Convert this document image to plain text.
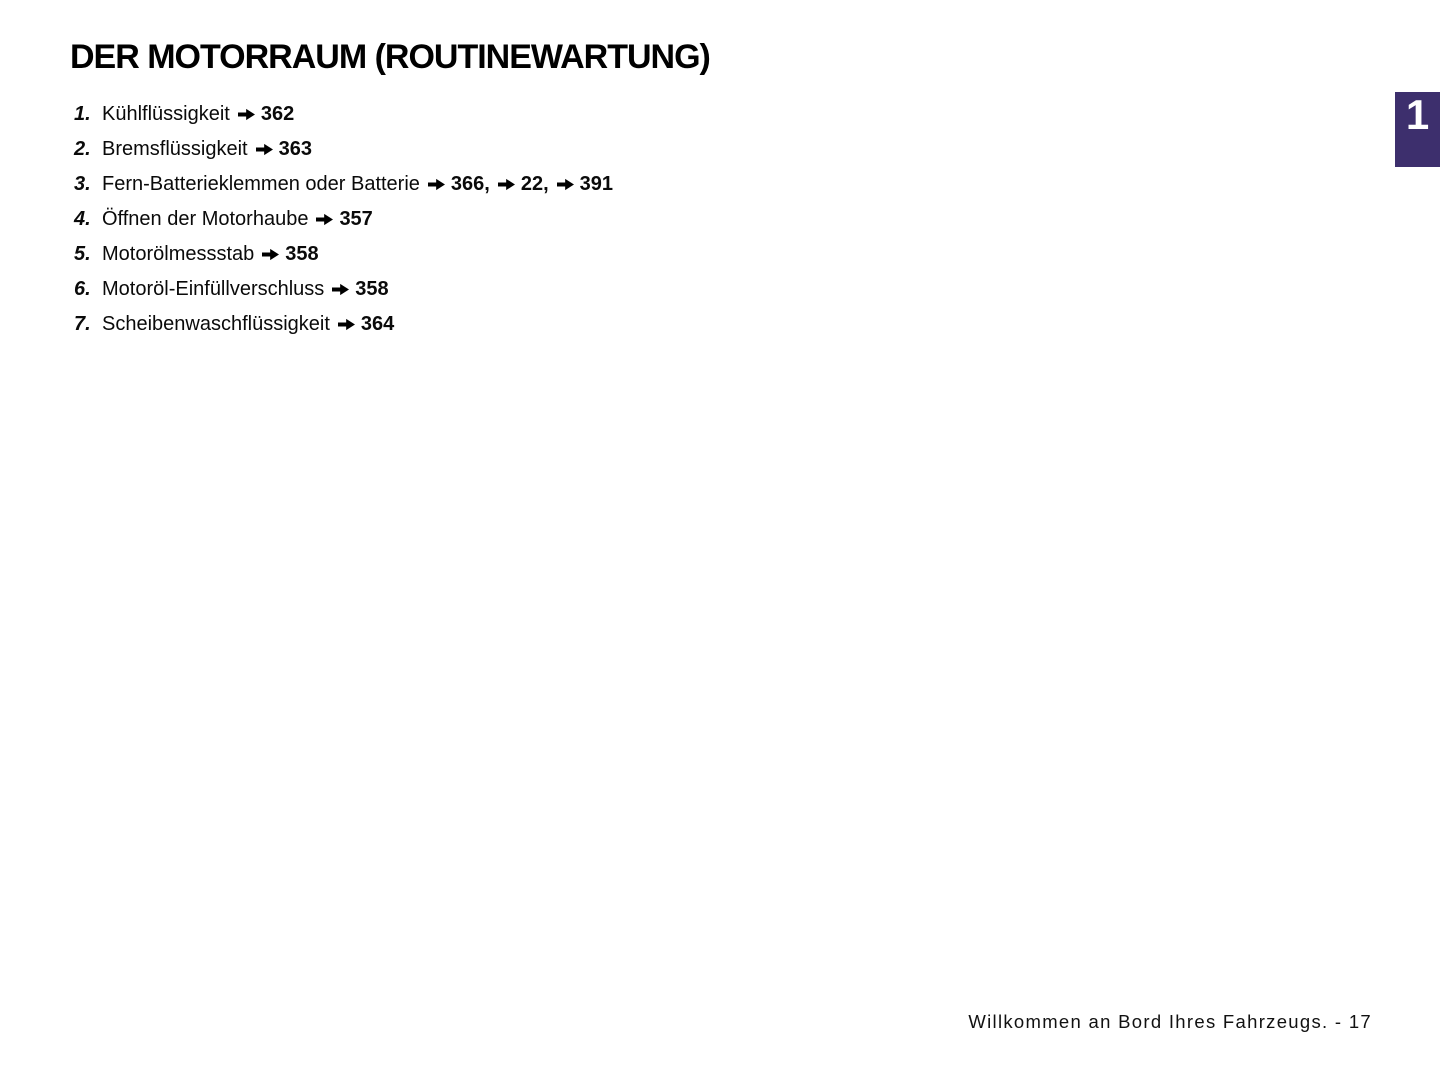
DER MOTORRAUM (ROUTINEWARTUNG)
1. Kühlflüssigkeit 362
2. Bremsflüssigkeit 363
3. Fern-Batterieklemmen oder Batterie 366, 22, 391
4. Öffnen der Motorhaube 357
5. Motorölmessstab 358
6. Motoröl-Einfüllverschluss 358
7. Scheibenwaschflüssigkeit 364
1
Willkommen an Bord Ihres Fahrzeugs. - 17
